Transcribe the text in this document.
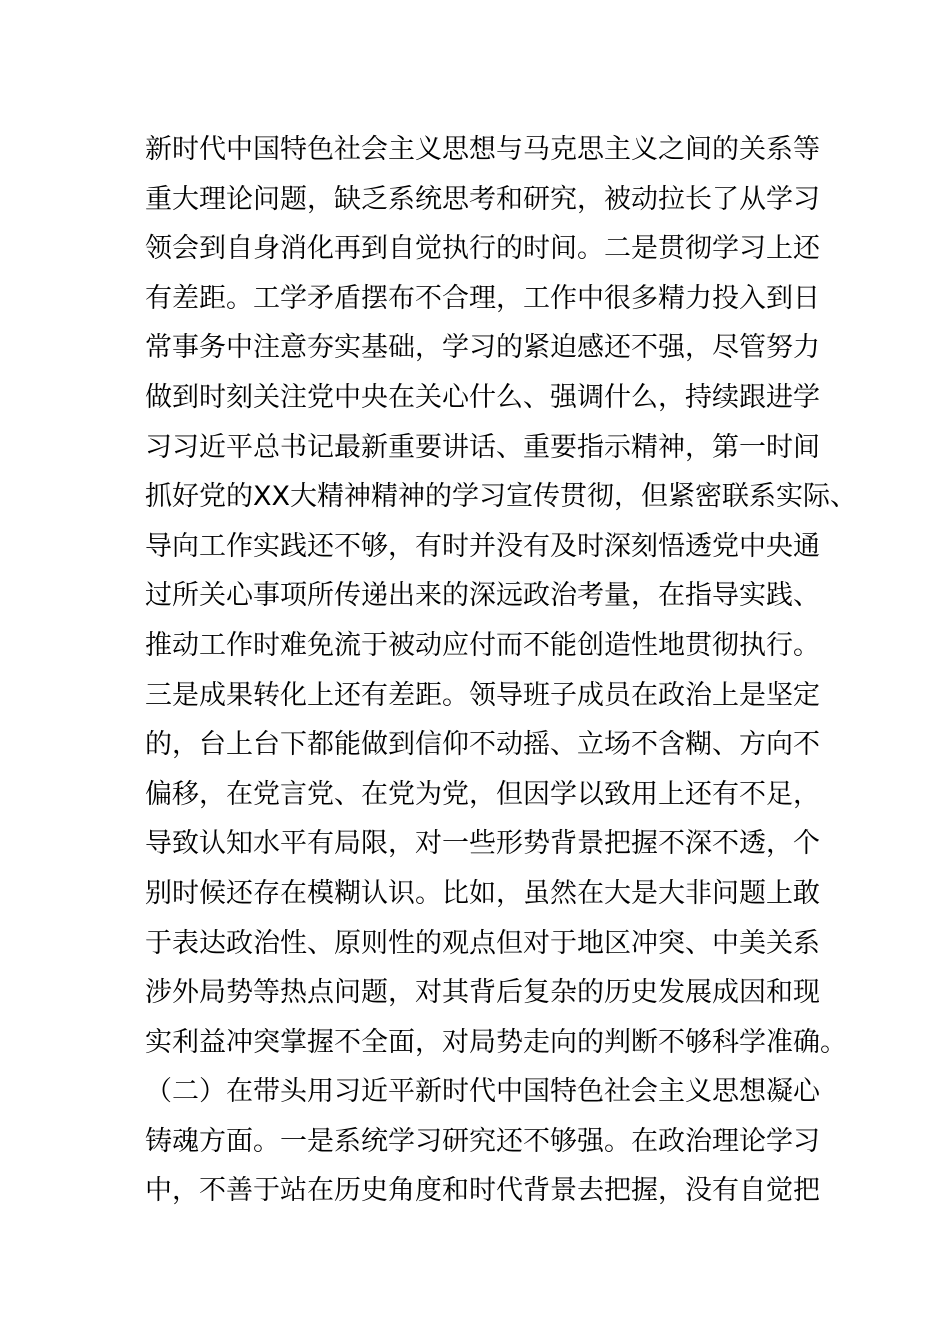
新时代中国特色社会主义思想与马克思主义之间的关系等
重大理论问题，缺乏系统思考和研究，被动拉长了从学习
领会到自身消化再到自觉执行的时间。二是贯彻学习上还
有差距。工学矛盾摆布不合理，工作中很多精力投入到日
常事务中注意夯实基础，学习的紧迫感还不强，尽管努力
做到时刻关注党中央在关心什么、强调什么，持续跟进学
习习近平总书记最新重要讲话、重要指示精神，第一时间
抓好党的XX大精神精神的学习宣传贯彻，但紧密联系实际、
导向工作实践还不够，有时并没有及时深刻悟透党中央通
过所关心事项所传递出来的深远政治考量，在指导实践、
推动工作时难免流于被动应付而不能创造性地贯彻执行。
三是成果转化上还有差距。领导班子成员在政治上是坚定
的，台上台下都能做到信仰不动摇、立场不含糊、方向不
偏移，在党言党、在党为党，但因学以致用上还有不足，
导致认知水平有局限，对一些形势背景把握不深不透，个
别时候还存在模糊认识。比如，虽然在大是大非问题上敢
于表达政治性、原则性的观点但对于地区冲突、中美关系
涉外局势等热点问题，对其背后复杂的历史发展成因和现
实利益冲突掌握不全面，对局势走向的判断不够科学准确。
（二）在带头用习近平新时代中国特色社会主义思想凝心
铸魂方面。一是系统学习研究还不够强。在政治理论学习
中，不善于站在历史角度和时代背景去把握，没有自觉把
